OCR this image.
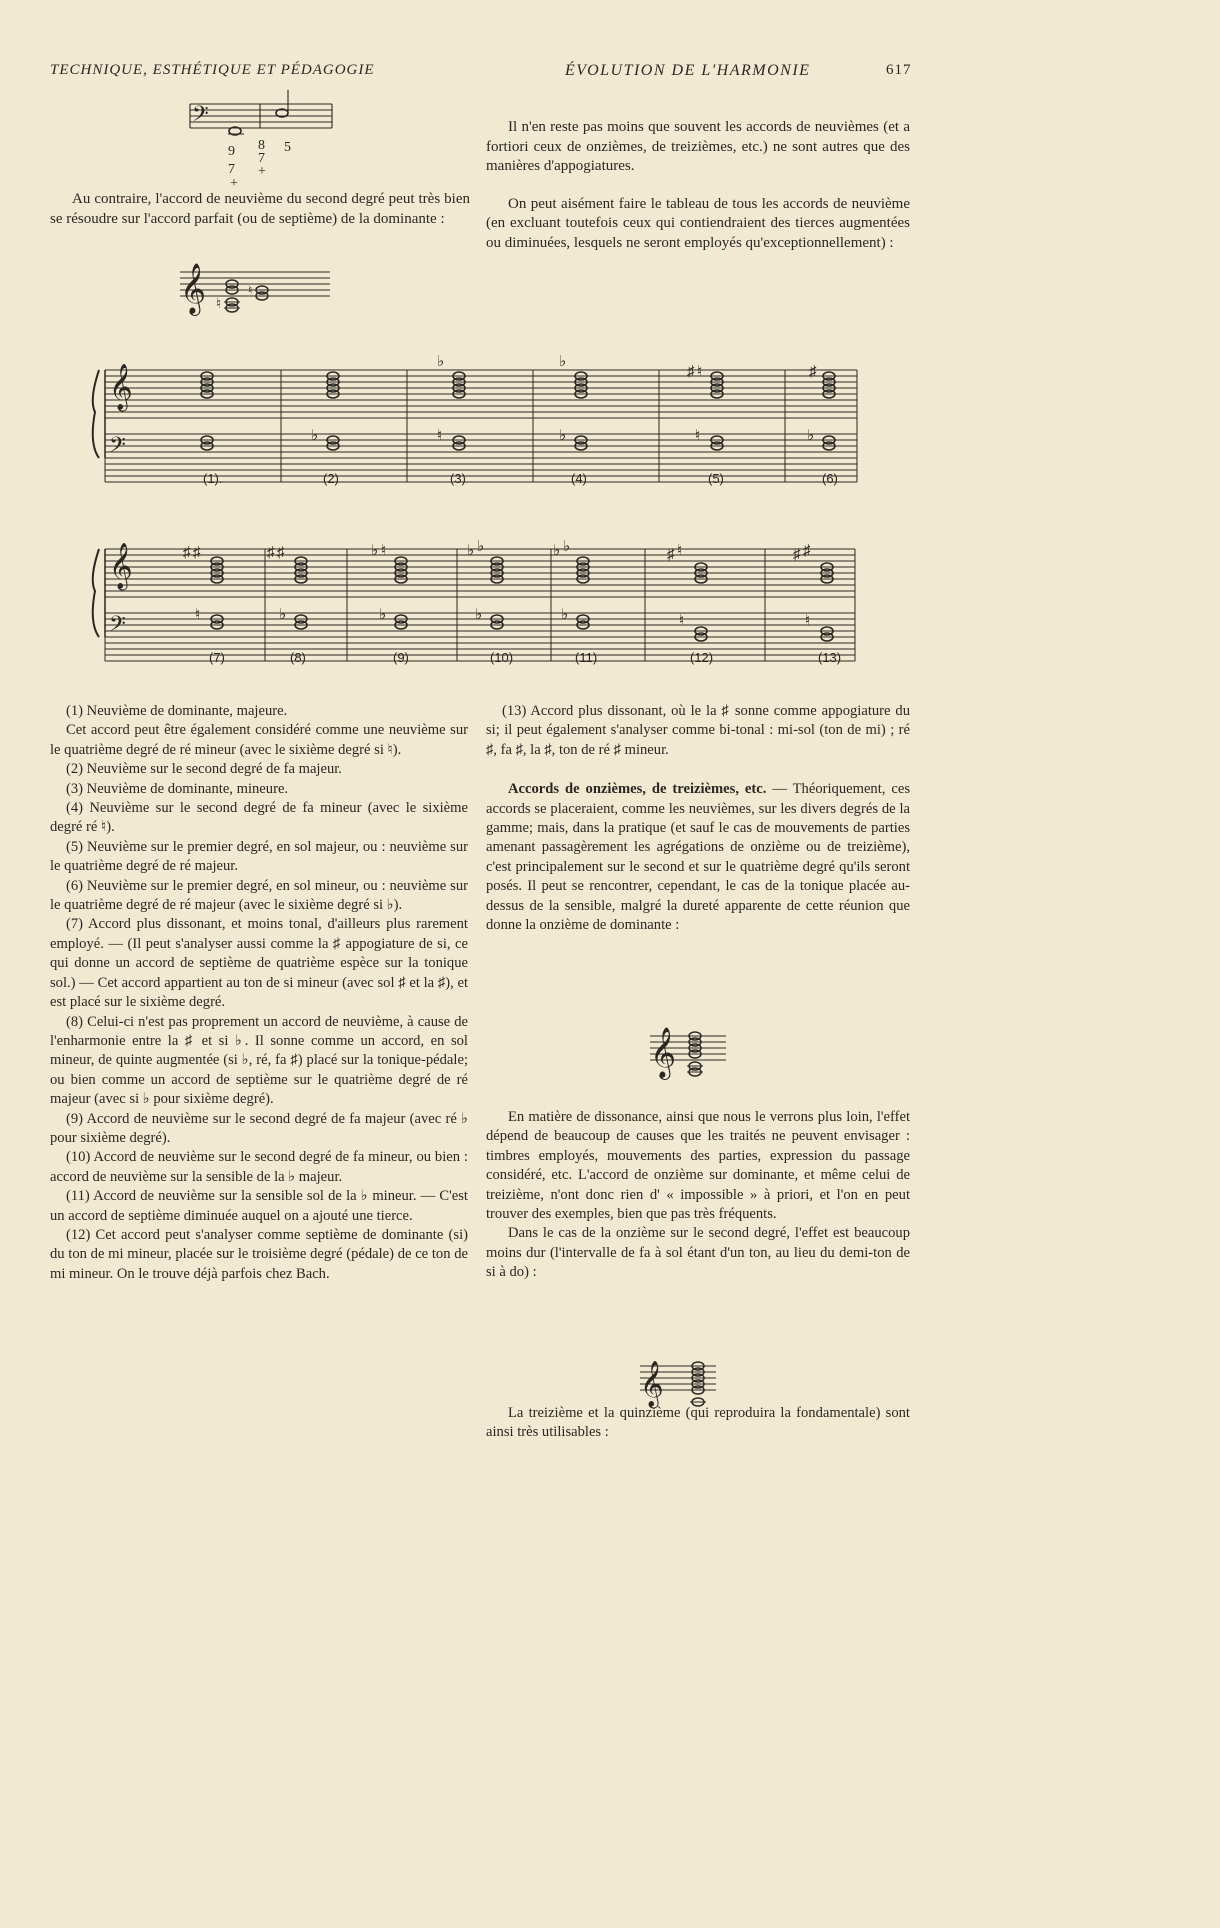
TECHNIQUE, ESTHÉTIQUE ET PÉDAGOGIE	ÉVOLUTION DE L'HARMONIE	617
𝄢
9 8 5
7
7 +
+

Au contraire, l'accord de neuvième du second degré peut très bien se résoudre sur l'accord parfait (ou de septième) de la dominante :

𝄞 ♮
♮

Il n'en reste pas moins que souvent les accords de neuvièmes (et a fortiori ceux de onzièmes, de treizièmes, etc.) ne sont autres que des manières d'appogiatures.

On peut aisément faire le tableau de tous les accords de neuvième (en excluant toutefois ceux qui contiendraient des tierces augmentées ou diminuées, lesquels ne seront employés qu'exceptionnellement) :

𝄞
𝄢	♭	♮
♭
♭
♭
♮
♯ ♮
♭
♯
𝄞
𝄢	♮
♯ ♯
♭
♯ ♯
♭
♭ ♮
♭
♭ ♭
♭
♭ ♭
♮
♯ ♮
♮
♯ ♯
(1).	(2)	(3)	(4)	(5)	(6)
(7)	(8)	(9)	(10)	(11)	(12)	(13)

(1) Neuvième de dominante, majeure.

Cet accord peut être également considéré comme une neuvième sur le quatrième degré de ré mineur (avec le sixième degré si ♮).

(2) Neuvième sur le second degré de fa majeur.

(3) Neuvième de dominante, mineure.

(4) Neuvième sur le second degré de fa mineur (avec le sixième degré ré ♮).

(5) Neuvième sur le premier degré, en sol majeur, ou : neuvième sur le quatrième degré de ré majeur.

(6) Neuvième sur le premier degré, en sol mineur, ou : neuvième sur le quatrième degré de ré majeur (avec le sixième degré si ♭).

(7) Accord plus dissonant, et moins tonal, d'ailleurs plus rarement employé. — (Il peut s'analyser aussi comme la ♯ appogiature de si, ce qui donne un accord de septième de quatrième espèce sur la tonique sol.) — Cet accord appartient au ton de si mineur (avec sol ♯ et la ♯), et est placé sur le sixième degré.

(8) Celui-ci n'est pas proprement un accord de neuvième, à cause de l'enharmonie entre la ♯ et si ♭. Il sonne comme un accord, en sol mineur, de quinte augmentée (si ♭, ré, fa ♯) placé sur la tonique-pédale; ou bien comme un accord de septième sur le quatrième degré de ré majeur (avec si ♭ pour sixième degré).

(9) Accord de neuvième sur le second degré de fa majeur (avec ré ♭ pour sixième degré).

(10) Accord de neuvième sur le second degré de fa mineur, ou bien : accord de neuvième sur la sensible de la ♭ majeur.

(11) Accord de neuvième sur la sensible sol de la ♭ mineur. — C'est un accord de septième diminuée auquel on a ajouté une tierce.

(12) Cet accord peut s'analyser comme septième de dominante (si) du ton de mi mineur, placée sur le troisième degré (pédale) de ce ton de mi mineur. On le trouve déjà parfois chez Bach.

(13) Accord plus dissonant, où le la ♯ sonne comme appogiature du si; il peut également s'analyser comme bi-tonal : mi-sol (ton de mi) ; ré ♯, fa ♯, la ♯, ton de ré ♯ mineur.

Accords de onzièmes, de treizièmes, etc. — Théoriquement, ces accords se placeraient, comme les neuvièmes, sur les divers degrés de la gamme; mais, dans la pratique (et sauf le cas de mouvements de parties amenant passagèrement les agrégations de onzième ou de treizième), c'est principalement sur le second et sur le quatrième degré qu'ils seront posés. Il peut se rencontrer, cependant, le cas de la tonique placée au-dessus de la sensible, malgré la dureté apparente de cette réunion que donne la onzième de dominante :

𝄞

En matière de dissonance, ainsi que nous le verrons plus loin, l'effet dépend de beaucoup de causes que les traités ne peuvent envisager : timbres employés, mouvements des parties, expression du passage considéré, etc. L'accord de onzième sur dominante, et même celui de treizième, n'ont donc rien d' « impossible » à priori, et l'on en peut trouver des exemples, bien que pas très fréquents.

Dans le cas de la onzième sur le second degré, l'effet est beaucoup moins dur (l'intervalle de fa à sol étant d'un ton, au lieu du demi-ton de si à do) :

𝄞

La treizième et la quinzième (qui reproduira la fondamentale) sont ainsi très utilisables :
